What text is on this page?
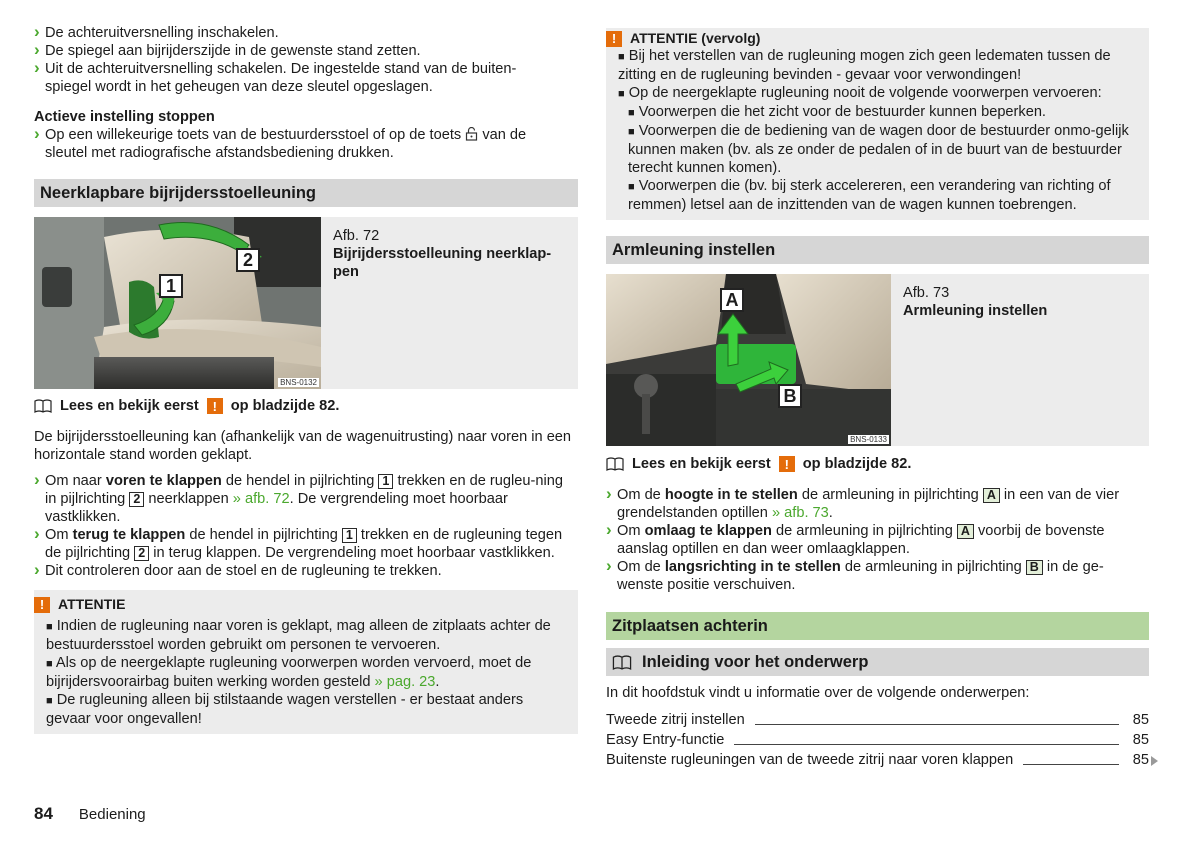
› De achteruitversnelling inschakelen.
› De spiegel aan bijrijderszijde in de gewenste stand zetten.
› Uit de achteruitversnelling schakelen. De ingestelde stand van de buiten-
spiegel wordt in het geheugen van deze sleutel opgeslagen.

Actieve instelling stoppen

› Op een willekeurige toets van de bestuurdersstoel of op de toets van de
sleutel met radiografische afstandsbediening drukken.
Neerklapbare bijrijdersstoelleuning
1
2
BNS-0132
Afb. 72
Bijrijdersstoelleuning neerklap-pen
Lees en bekijk eerst	! op bladzijde 82.

De bijrijdersstoelleuning kan (afhankelijk van de wagenuitrusting) naar voren in een horizontale stand worden geklapt.

› Om naar voren te klappen de hendel in pijlrichting 1 trekken en de rugleu-ning in pijlrichting 2 neerklappen » afb. 72. De vergrendeling moet hoorbaar vastklikken.
› Om terug te klappen de hendel in pijlrichting 1 trekken en de rugleuning tegen de pijlrichting 2 in terug klappen. De vergrendeling moet hoorbaar vastklikken.
› Dit controleren door aan de stoel en de rugleuning te trekken.
! ATTENTIE

■ Indien de rugleuning naar voren is geklapt, mag alleen de zitplaats achter de bestuurdersstoel worden gebruikt om personen te vervoeren.

■ Als op de neergeklapte rugleuning voorwerpen worden vervoerd, moet de bijrijdersvoorairbag buiten werking worden gesteld » pag. 23.

■ De rugleuning alleen bij stilstaande wagen verstellen - er bestaat anders gevaar voor ongevallen!

! ATTENTIE (vervolg)

■ Bij het verstellen van de rugleuning mogen zich geen ledematen tussen de zitting en de rugleuning bevinden - gevaar voor verwondingen!

■ Op de neergeklapte rugleuning nooit de volgende voorwerpen vervoeren:

■ Voorwerpen die het zicht voor de bestuurder kunnen beperken.

■ Voorwerpen die de bediening van de wagen door de bestuurder onmo-gelijk kunnen maken (bv. als ze onder de pedalen of in de buurt van de bestuurder terecht kunnen komen).

■ Voorwerpen die (bv. bij sterk accelereren, een verandering van richting of remmen) letsel aan de inzittenden van de wagen kunnen toebrengen.

Armleuning instellen
A
B
BNS-0133
Afb. 73
Armleuning instellen
Lees en bekijk eerst	! op bladzijde 82.
› Om de hoogte in te stellen de armleuning in pijlrichting A in een van de vier grendelstanden optillen » afb. 73.
› Om omlaag te klappen de armleuning in pijlrichting A voorbij de bovenste aanslag optillen en dan weer omlaagklappen.
› Om de langsrichting in te stellen de armleuning in pijlrichting B in de ge-wenste positie verschuiven.
Zitplaatsen achterin
Inleiding voor het onderwerp

In dit hoofdstuk vindt u informatie over de volgende onderwerpen:

Tweede zitrij instellen	85
Easy Entry-functie	85
Buitenste rugleuningen van de tweede zitrij naar voren klappen	85
84 Bediening
